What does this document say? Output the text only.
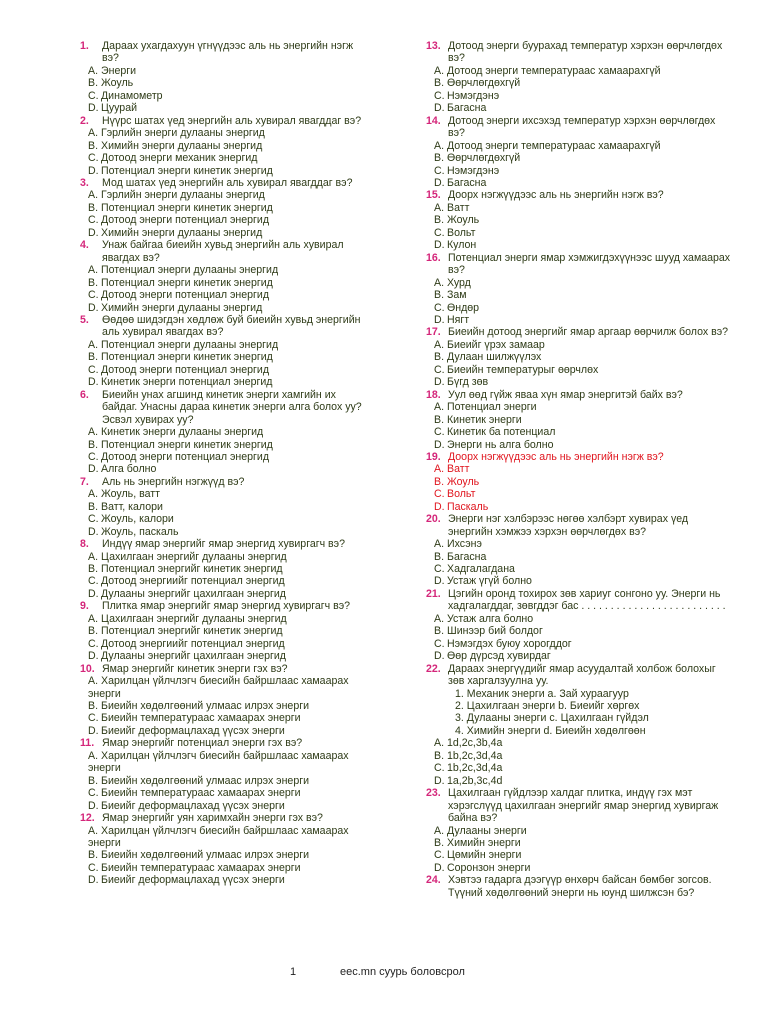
1. Дараах ухагдахуун үгнүүдээс аль нь энергийн нэгж вэ?
A. Энерги
B. Жоуль
C. Динамометр
D. Цуурай
2. Нүүрс шатах үед энергийн аль хувирал явагддаг вэ?
A. Гэрлийн энерги дулааны энергид
B. Химийн энерги дулааны энергид
C. Дотоод энерги механик энергид
D. Потенциал энерги кинетик энергид
3. Мод шатах үед энергийн аль хувирал явагддаг вэ?
A. Гэрлийн энерги дулааны энергид
B. Потенциал энерги кинетик энергид
C. Дотоод энерги потенциал энергид
D. Химийн энерги дулааны энергид
4. Унаж байгаа биеийн хувьд энергийн аль хувирал явагдах вэ?
A. Потенциал энерги дулааны энергид
B. Потенциал энерги кинетик энергид
C. Дотоод энерги потенциал энергид
D. Химийн энерги дулааны энергид
5. Өөдөө шидэгдэн хөдлөж буй биеийн хувьд энергийн аль хувирал явагдах вэ?
A. Потенциал энерги дулааны энергид
B. Потенциал энерги кинетик энергид
C. Дотоод энерги потенциал энергид
D. Кинетик энерги потенциал энергид
6. Биеийн унах агшинд кинетик энерги хамгийн их байдаг. Унасны дараа кинетик энерги алга болох уу? Эсвэл хувирах уу?
A. Кинетик энерги дулааны энергид
B. Потенциал энерги кинетик энергид
C. Дотоод энерги потенциал энергид
D. Алга болно
7. Аль нь энергийн нэгжүүд вэ?
A. Жоуль, ватт
B. Ватт, калори
C. Жоуль, калори
D. Жоуль, паскаль
8. Индүү ямар энергийг ямар энергид хувиргагч вэ?
A. Цахилгаан энергийг дулааны энергид
B. Потенциал энергийг кинетик энергид
C. Дотоод энергиийг потенциал энергид
D. Дулааны энергийг цахилгаан энергид
9. Плитка ямар энергийг ямар энергид хувиргагч вэ?
A. Цахилгаан энергийг дулааны энергид
B. Потенциал энергийг кинетик энергид
C. Дотоод энергиийг потенциал энергид
D. Дулааны энергийг цахилгаан энергид
10. Ямар энергийг кинетик энерги гэх вэ?
A. Харилцан үйлчлэгч биесийн байршлаас хамаарах энерги
B. Биеийн хөдөлгөөний улмаас илрэх энерги
C. Биеийн температураас хамаарах энерги
D. Биеийг деформацлахад үүсэх энерги
11. Ямар энергийг потенциал энерги гэх вэ?
A. Харилцан үйлчлэгч биесийн байршлаас хамаарах энерги
B. Биеийн хөдөлгөөний улмаас илрэх энерги
C. Биеийн температураас хамаарах энерги
D. Биеийг деформацлахад үүсэх энерги
12. Ямар энергийг уян харимхайн энерги гэх вэ?
A. Харилцан үйлчлэгч биесийн байршлаас хамаарах энерги
B. Биеийн хөдөлгөөний улмаас илрэх энерги
C. Биеийн температураас хамаарах энерги
D. Биеийг деформацлахад үүсэх энерги
13. Дотоод энерги буурахад температур хэрхэн өөрчлөгдөх вэ?
A. Дотоод энерги температураас хамаарахгүй
B. Өөрчлөгдөхгүй
C. Нэмэгдэнэ
D. Багасна
14. Дотоод энерги ихсэхэд температур хэрхэн өөрчлөгдөх вэ?
A. Дотоод энерги температураас хамаарахгүй
B. Өөрчлөгдөхгүй
C. Нэмэгдэнэ
D. Багасна
15. Доорх нэгжүүдээс аль нь энергийн нэгж вэ?
A. Ватт
B. Жоуль
C. Вольт
D. Кулон
16. Потенциал энерги ямар хэмжигдэхүүнээс шууд хамаарах вэ?
A. Хурд
B. Зам
C. Өндөр
D. Нягт
17. Биеийн дотоод энергийг ямар аргаар өөрчилж болох вэ?
A. Биеийг үрэх замаар
B. Дулаан шилжүүлэх
C. Биеийн температурыг өөрчлөх
D. Бүгд зөв
18. Уул өөд гүйж яваа хүн ямар энергитэй байх вэ?
A. Потенциал энерги
B. Кинетик энерги
C. Кинетик ба потенциал
D. Энерги нь алга болно
19. Доорх нэгжүүдээс аль нь энергийн нэгж вэ?
A. Ватт
B. Жоуль
C. Вольт
D. Паскаль
20. Энерги нэг хэлбэрээс нөгөө хэлбэрт хувирах үед энергийн хэмжээ хэрхэн өөрчлөгдөх вэ?
A. Ихсэнэ
B. Багасна
C. Хадгалагдана
D. Устаж үгүй болно
21. Цэгийн оронд тохирох зөв хариуг сонгоно уу. Энерги нь хадгалагддаг, зөвгддэг бас . . . . . . . . . . . . . . . . . . . . . . . . .
A. Устаж алга болно
B. Шинээр бий болдог
C. Нэмэгдэх буюу хорогддог
D. Өөр дүрсэд хувирдаг
22. Дараах энергүүдийг ямар асуудалтай холбож болохыг зөв харгалзуулна уу.
1. Механик энерги a. Зай хураагуур
2. Цахилгаан энерги b. Биеийг хөргөх
3. Дулааны энерги c. Цахилгаан гүйдэл
4. Химийн энерги d. Биеийн хөдөлгөөн
A. 1d,2c,3b,4a
B. 1b,2c,3d,4a
C. 1b,2c,3d,4a
D. 1a,2b,3c,4d
23. Цахилгаан гүйдлээр халдаг плитка, индүү гэх мэт хэрэгслүүд цахилгаан энергийг ямар энергид хувиргаж байна вэ?
A. Дулааны энерги
B. Химийн энерги
C. Цөмийн энерги
D. Соронзон энерги
24. Хэвтээ гадарга дээгүүр өнхөрч байсан бөмбөг зогсов. Түүний хөдөлгөөний энерги нь юунд шилжсэн бэ?
1	eec.mn суурь боловсрол
